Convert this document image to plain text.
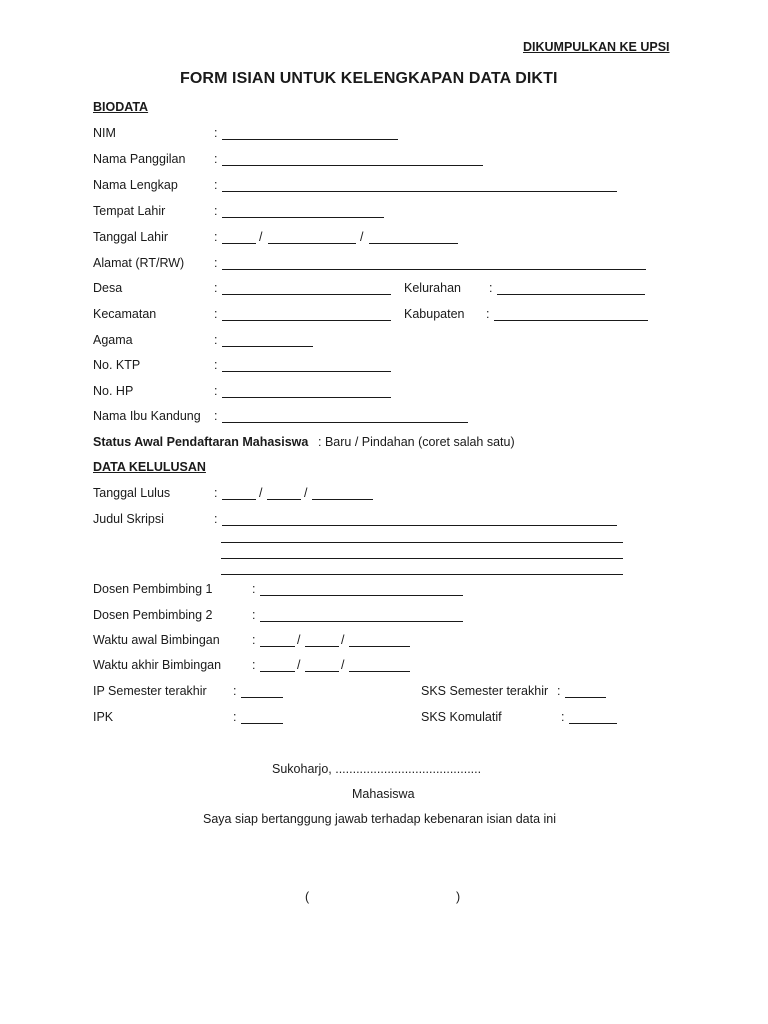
DIKUMPULKAN KE UPSI
FORM ISIAN UNTUK KELENGKAPAN DATA DIKTI
BIODATA
NIM	:
Nama Panggilan :
Nama Lengkap	:
Tempat Lahir	:
Tanggal Lahir	:	/	/
Alamat (RT/RW) :
Desa	:	Kelurahan :
Kecamatan	:	Kabupaten :
Agama	:
No. KTP	:
No. HP	:
Nama Ibu Kandung :
Status Awal Pendaftaran Mahasiswa : Baru / Pindahan (coret salah satu)
DATA KELULUSAN
Tanggal Lulus	:	/	/
Judul Skripsi	:
Dosen Pembimbing 1	:
Dosen Pembimbing 2	:
Waktu awal Bimbingan	:	/	/
Waktu akhir Bimbingan :	/	/
IP Semester terakhir :	SKS Semester terakhir :
IPK	:	SKS Komulatif	:
Sukoharjo, ..........................................
Mahasiswa
Saya siap bertanggung jawab terhadap kebenaran isian data ini
(	)
